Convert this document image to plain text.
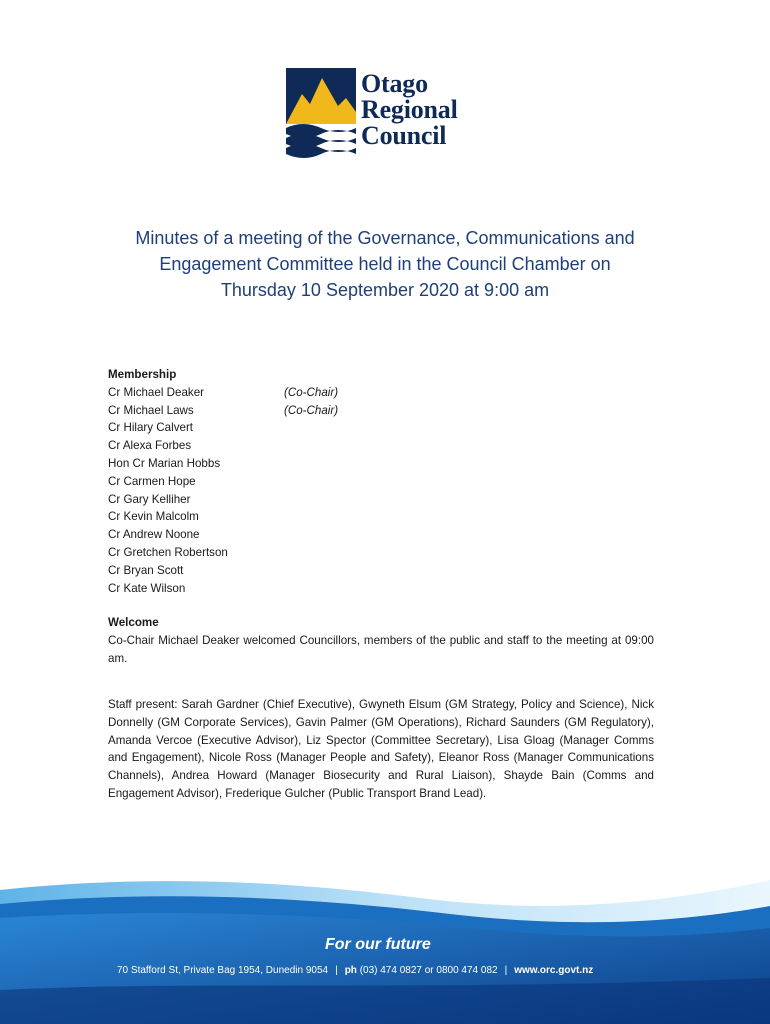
Otago
Regional
Council
Minutes of a meeting of the Governance, Communications and
Engagement Committee held in the Council Chamber on
Thursday 10 September 2020 at 9:00 am
Membership
Cr Michael Deaker	(Co-Chair)
Cr Michael Laws	(Co-Chair)
Cr Hilary Calvert
Cr Alexa Forbes
Hon Cr Marian Hobbs
Cr Carmen Hope
Cr Gary Kelliher
Cr Kevin Malcolm
Cr Andrew Noone
Cr Gretchen Robertson
Cr Bryan Scott
Cr Kate Wilson
Welcome
Co-Chair Michael Deaker welcomed Councillors, members of the public and staff to the meeting at 09:00 am.
Staff present: Sarah Gardner (Chief Executive), Gwyneth Elsum (GM Strategy, Policy and Science), Nick Donnelly (GM Corporate Services), Gavin Palmer (GM Operations), Richard Saunders (GM Regulatory), Amanda Vercoe (Executive Advisor), Liz Spector (Committee Secretary), Lisa Gloag (Manager Comms and Engagement), Nicole Ross (Manager People and Safety), Eleanor Ross (Manager Communications Channels), Andrea Howard (Manager Biosecurity and Rural Liaison), Shayde Bain (Comms and Engagement Advisor), Frederique Gulcher (Public Transport Brand Lead).
For our future
70 Stafford St, Private Bag 1954, Dunedin 9054 | ph (03) 474 0827 or 0800 474 082 | www.orc.govt.nz
